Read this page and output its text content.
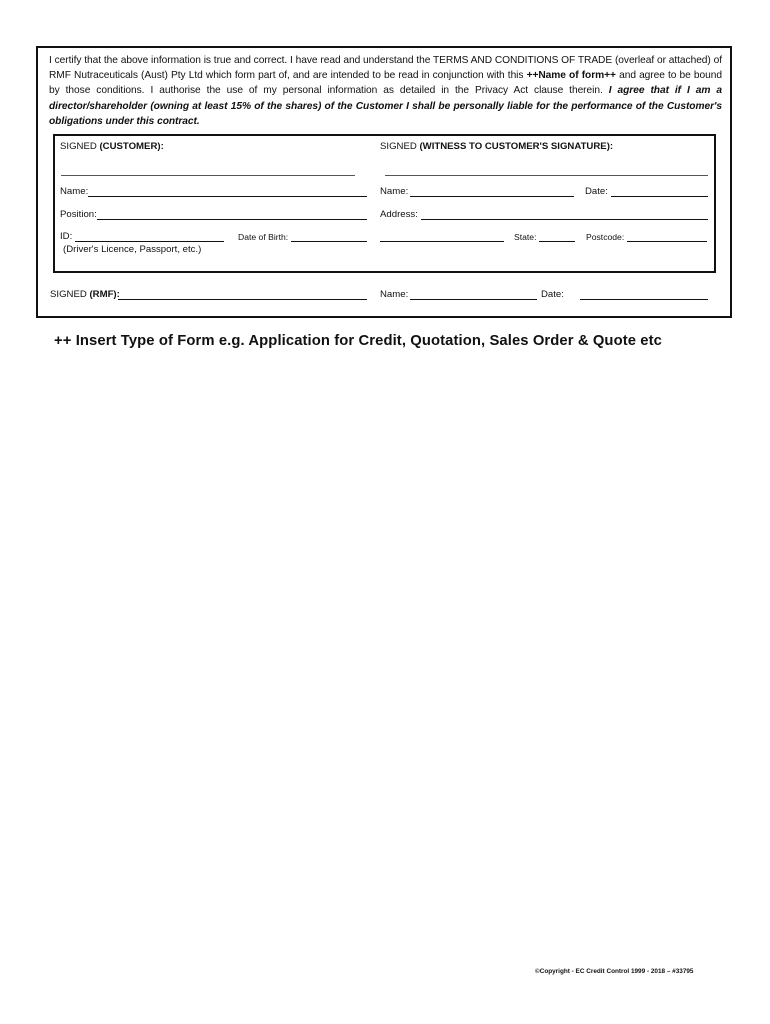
I certify that the above information is true and correct. I have read and understand the TERMS AND CONDITIONS OF TRADE (overleaf or attached) of RMF Nutraceuticals (Aust) Pty Ltd which form part of, and are intended to be read in conjunction with this ++Name of form++ and agree to be bound by those conditions. I authorise the use of my personal information as detailed in the Privacy Act clause therein. I agree that if I am a director/shareholder (owning at least 15% of the shares) of the Customer I shall be personally liable for the performance of the Customer's obligations under this contract.
SIGNED (CUSTOMER):	SIGNED (WITNESS TO CUSTOMER'S SIGNATURE):
Name:	Name:	Date:
Position:	Address:
ID:	Date of Birth:	State:	Postcode:
(Driver's Licence, Passport, etc.)
SIGNED (RMF):	Name:	Date:
++ Insert Type of Form e.g. Application for Credit, Quotation, Sales Order & Quote etc
©Copyright - EC Credit Control 1999 - 2018 – #33795
